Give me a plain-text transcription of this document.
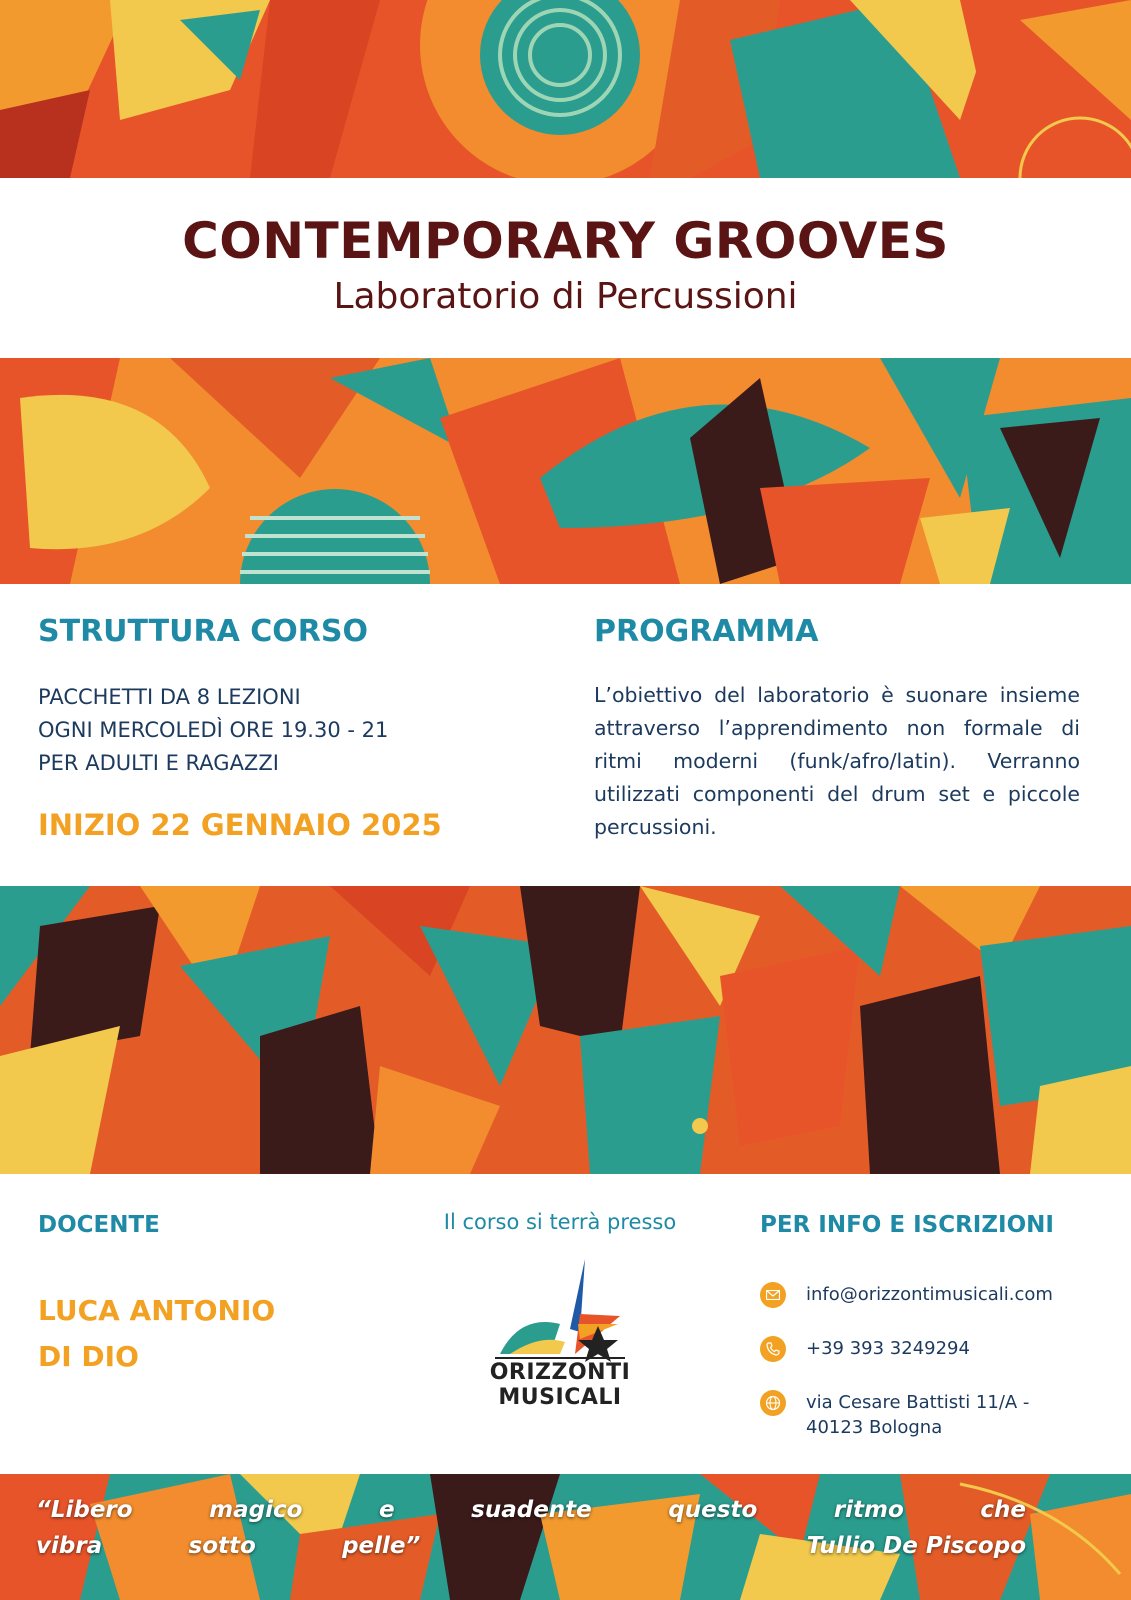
CONTEMPORARY GROOVES

Laboratorio di Percussioni

STRUTTURA CORSO
PACCHETTI DA 8 LEZIONI
OGNI MERCOLEDÌ ORE 19.30 - 21
PER ADULTI E RAGAZZI
INIZIO 22 GENNAIO 2025
PROGRAMMA

L’obiettivo del laboratorio è suonare insieme attraverso l’apprendimento non formale di ritmi moderni (funk/afro/latin). Verranno utilizzati componenti del drum set e piccole percussioni.

DOCENTE
LUCA ANTONIO
DI DIO
Il corso si terrà presso
ORIZZONTI
MUSICALI
PER INFO E ISCRIZIONI
info@orizzontimusicali.com
+39 393 3249294
via Cesare Battisti 11/A -
40123 Bologna
“Libero	magico	e	suadente	questo	ritmo	che
vibra	sotto	pelle”	Tullio De Piscopo
